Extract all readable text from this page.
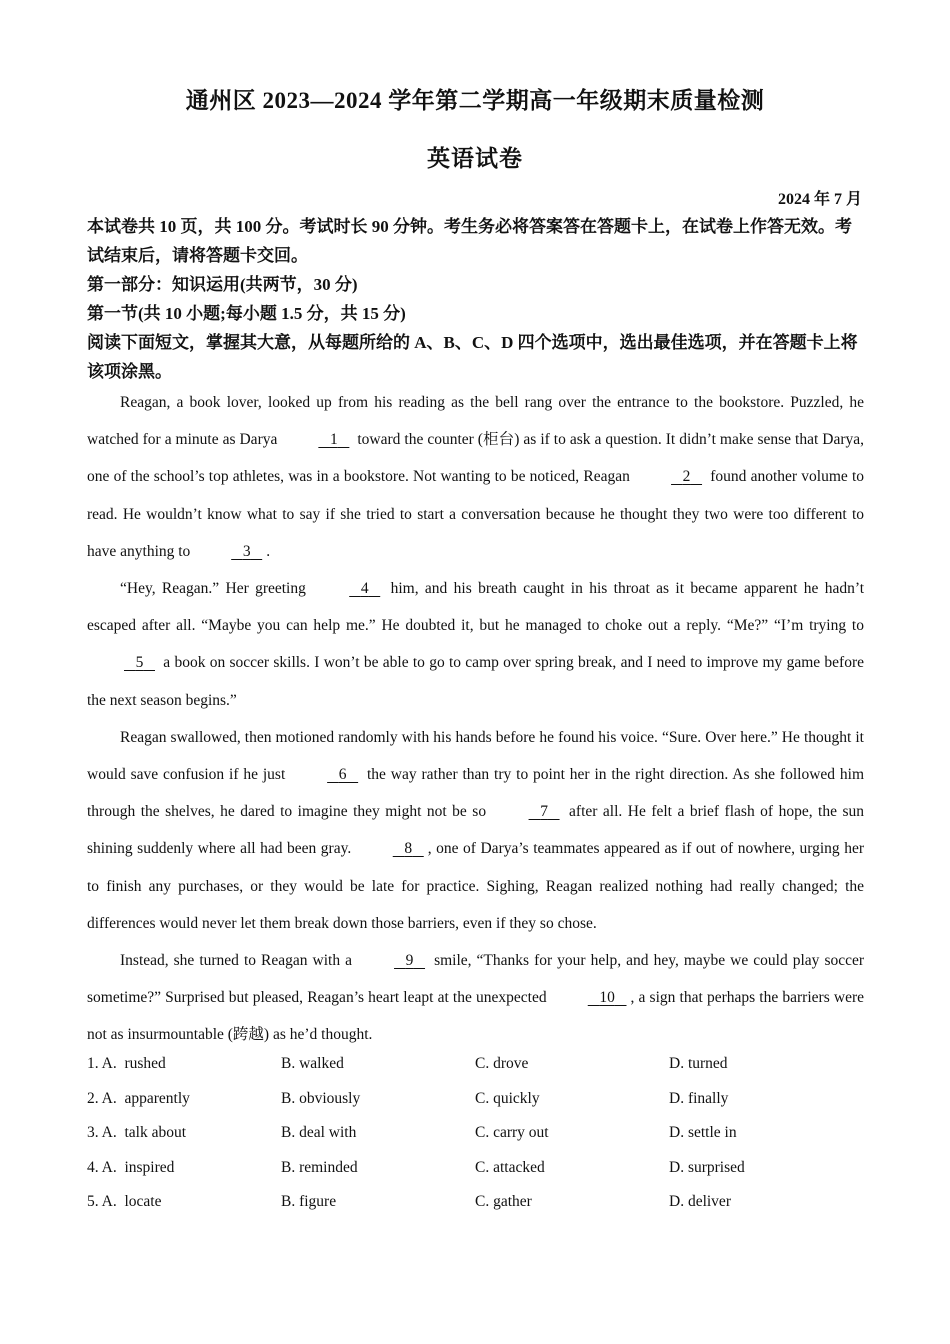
通州区 2023—2024 学年第二学期高一年级期末质量检测
英语试卷
2024 年 7 月
本试卷共 10 页，共 100 分。考试时长 90 分钟。考生务必将答案答在答题卡上，在试卷上作答无效。考试结束后，请将答题卡交回。
第一部分：知识运用(共两节，30 分)
第一节(共 10 小题;每小题 1.5 分，共 15 分)
阅读下面短文，掌握其大意，从每题所给的 A、B、C、D 四个选项中，选出最佳选项，并在答题卡上将该项涂黑。

Reagan, a book lover, looked up from his reading as the bell rang over the entrance to the bookstore. Puzzled, he watched for a minute as Darya	1 toward the counter (柜台) as if to ask a question. It didn’t make sense that Darya, one of the school’s top athletes, was in a bookstore. Not wanting to be noticed, Reagan	2 found another volume to read. He wouldn’t know what to say if she tried to start a conversation because he thought they two were too different to have anything to	3 .

“Hey, Reagan.” Her greeting	4 him, and his breath caught in his throat as it became apparent he hadn’t escaped after all. “Maybe you can help me.” He doubted it, but he managed to choke out a reply. “Me?” “I’m trying to    5 a book on soccer skills. I won’t be able to go to camp over spring break, and I need to improve my game before the next season begins.”

Reagan swallowed, then motioned randomly with his hands before he found his voice. “Sure. Over here.” He thought it would save confusion if he just	6 the way rather than try to point her in the right direction. As she followed him through the shelves, he dared to imagine they might not be so	7 after all. He felt a brief flash of hope, the sun shining suddenly where all had been gray.	8 , one of Darya’s teammates appeared as if out of nowhere, urging her to finish any purchases, or they would be late for practice. Sighing, Reagan realized nothing had really changed; the differences would never let them break down those barriers, even if they so chose.

Instead, she turned to Reagan with a	9 smile, “Thanks for your help, and hey, maybe we could play soccer sometime?” Surprised but pleased, Reagan’s heart leapt at the unexpected	10 , a sign that perhaps the barriers were not as insurmountable (跨越) as he’d thought.

1. A. rushed	B. walked	C. drove	D. turned
2. A. apparently	B. obviously	C. quickly	D. finally
3. A. talk about	B. deal with	C. carry out	D. settle in
4. A. inspired	B. reminded	C. attacked	D. surprised
5. A. locate	B. figure	C. gather	D. deliver
